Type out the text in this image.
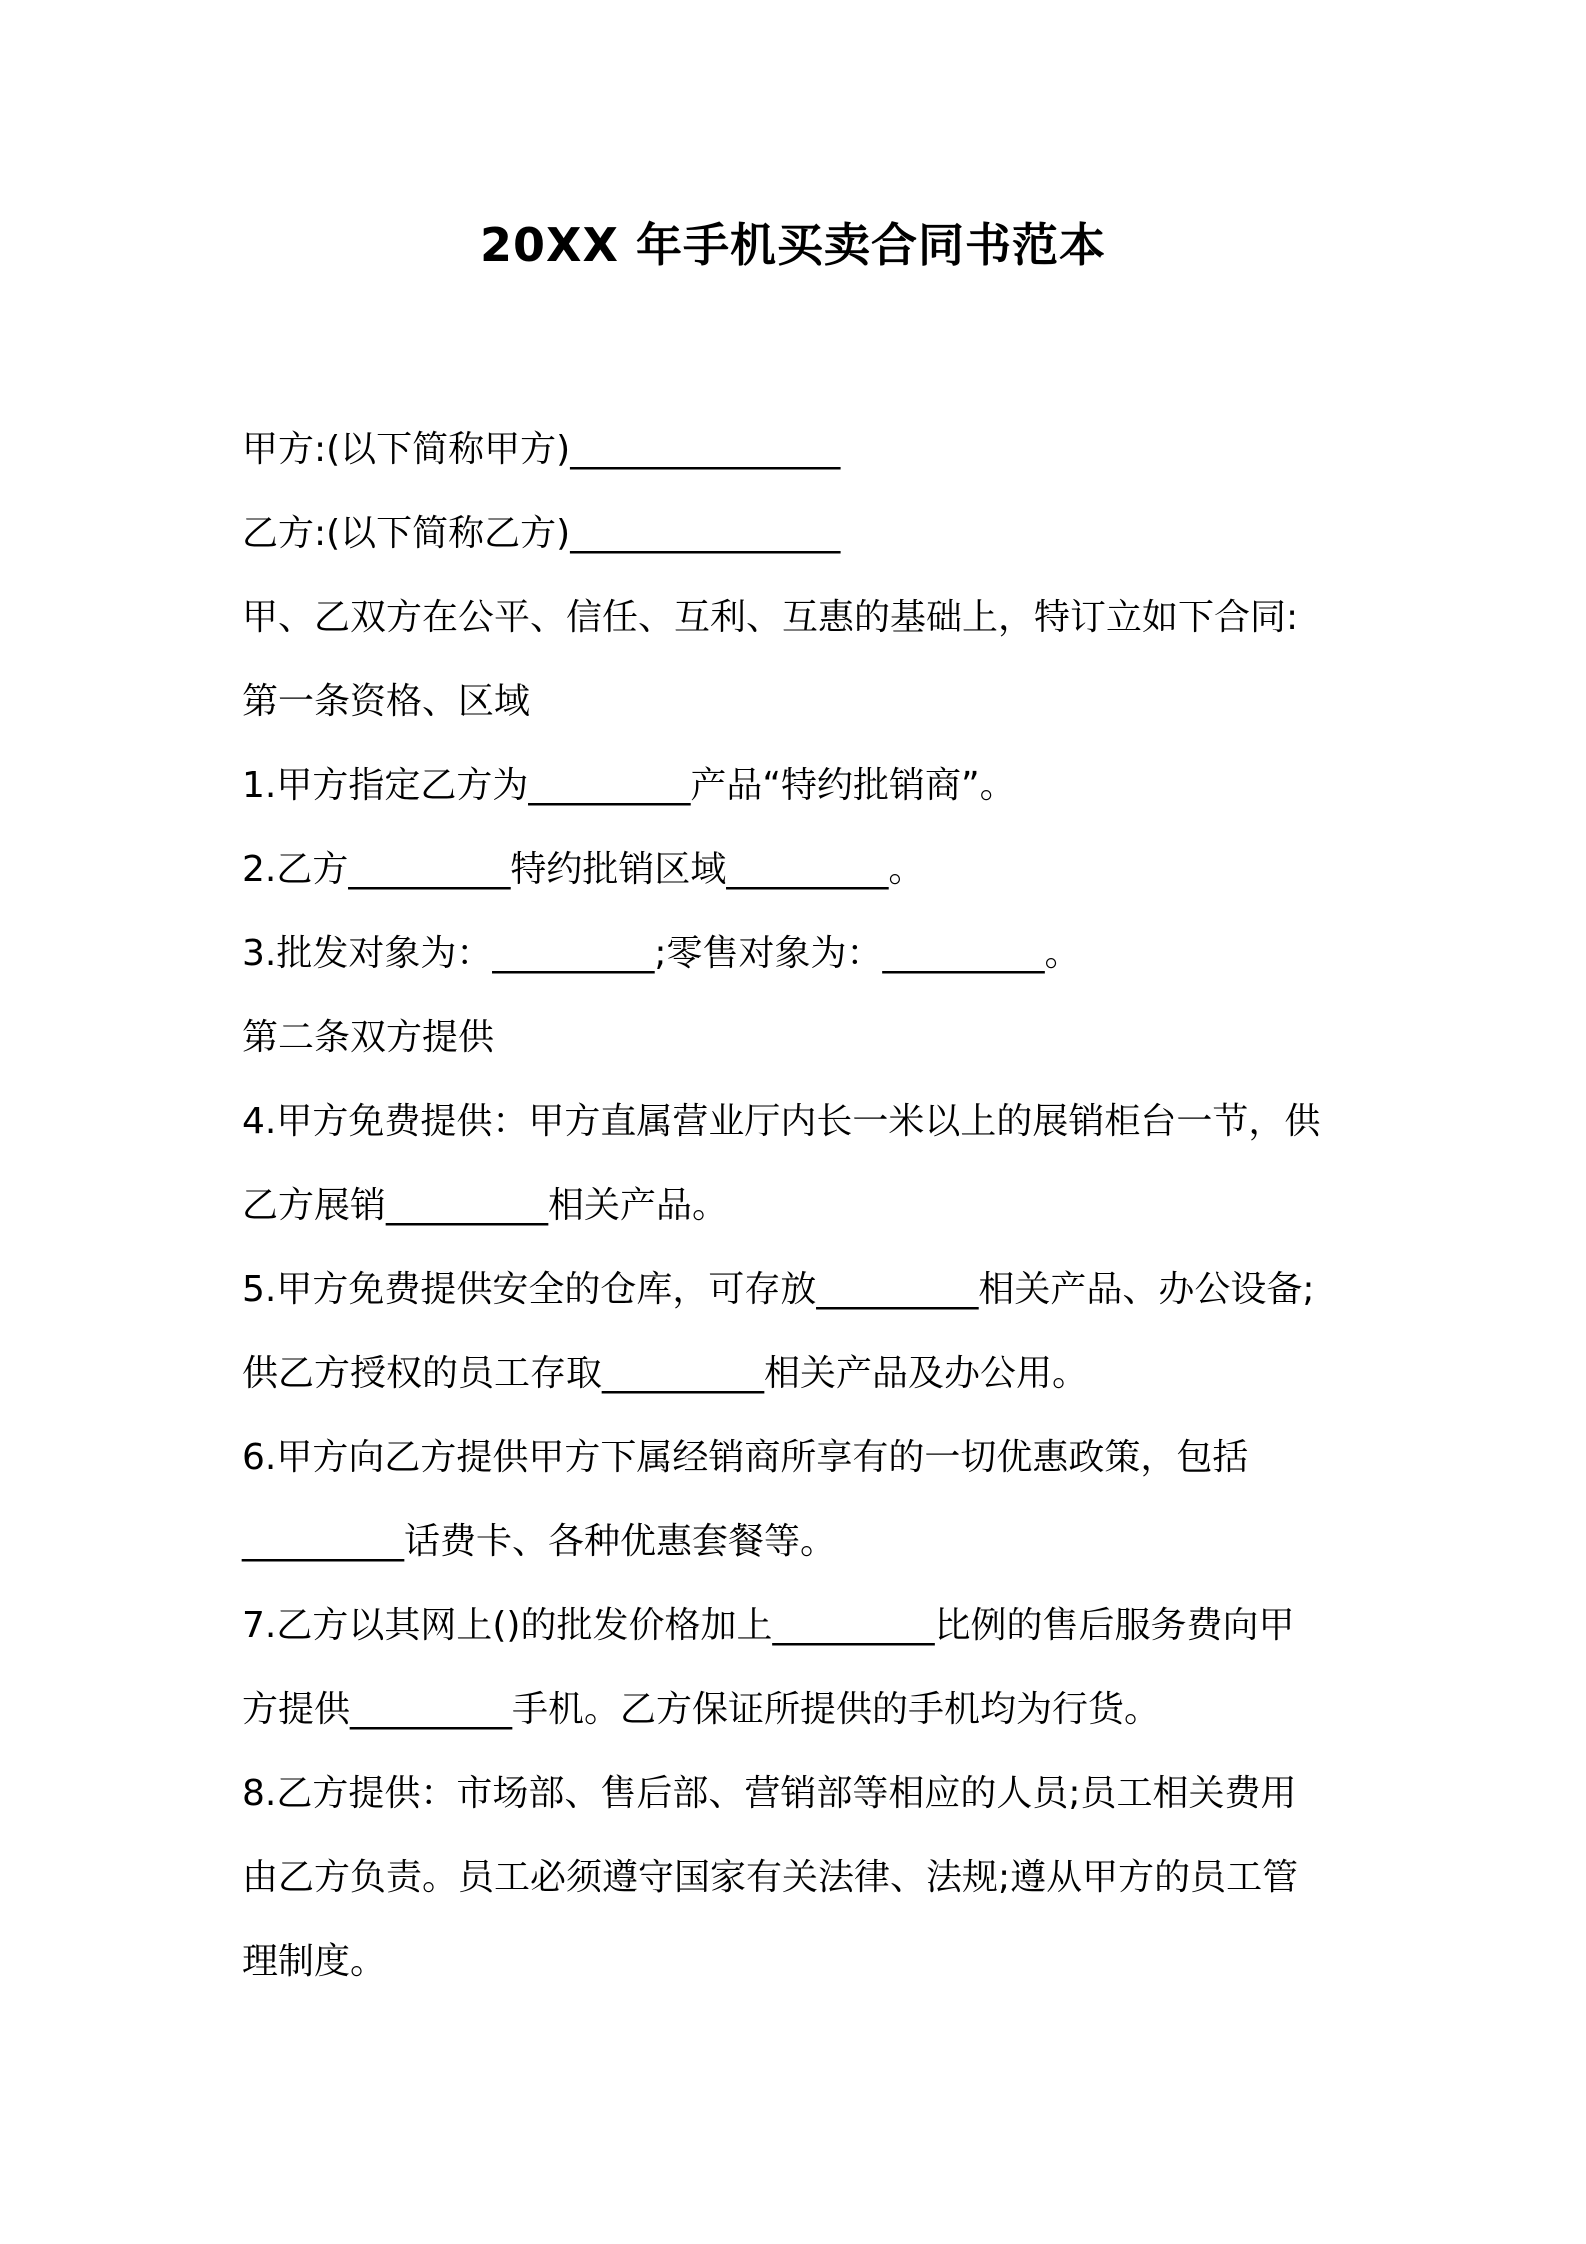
20XX 年手机买卖合同书范本

甲方:(以下简称甲方)_______________

乙方:(以下简称乙方)_______________

甲、乙双方在公平、信任、互利、互惠的基础上，特订立如下合同:

第一条资格、区域

1.甲方指定乙方为_________产品“特约批销商”。

2.乙方_________特约批销区域_________。

3.批发对象为：_________;零售对象为：_________。

第二条双方提供

4.甲方免费提供：甲方直属营业厅内长一米以上的展销柜台一节，供

乙方展销_________相关产品。

5.甲方免费提供安全的仓库，可存放_________相关产品、办公设备;

供乙方授权的员工存取_________相关产品及办公用。

6.甲方向乙方提供甲方下属经销商所享有的一切优惠政策，包括

_________话费卡、各种优惠套餐等。

7.乙方以其网上()的批发价格加上_________比例的售后服务费向甲

方提供_________手机。乙方保证所提供的手机均为行货。

8.乙方提供：市场部、售后部、营销部等相应的人员;员工相关费用

由乙方负责。员工必须遵守国家有关法律、法规;遵从甲方的员工管

理制度。
